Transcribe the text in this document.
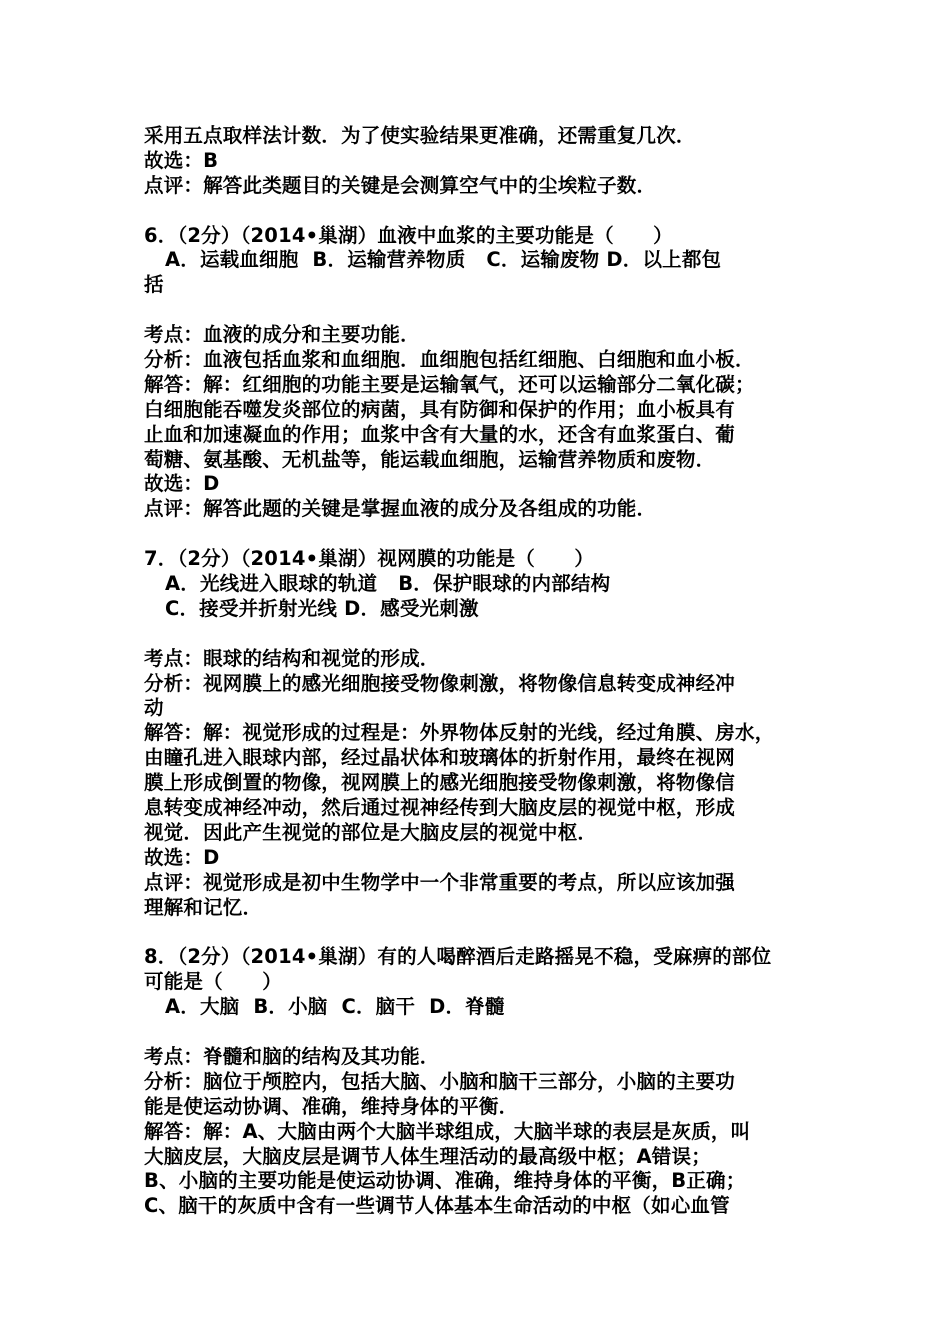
采用五点取样法计数．为了使实验结果更准确，还需重复几次．
故选：B
点评：解答此类题目的关键是会测算空气中的尘埃粒子数．
6．（2分）（2014•巢湖）血液中血浆的主要功能是（　　）
A．运载血细胞  B．运输营养物质   C．运输废物 D．以上都包
括
考点：血液的成分和主要功能．
分析：血液包括血浆和血细胞．血细胞包括红细胞、白细胞和血小板．
解答：解：红细胞的功能主要是运输氧气，还可以运输部分二氧化碳；
白细胞能吞噬发炎部位的病菌，具有防御和保护的作用；血小板具有
止血和加速凝血的作用；血浆中含有大量的水，还含有血浆蛋白、葡
萄糖、氨基酸、无机盐等，能运载血细胞，运输营养物质和废物．
故选：D
点评：解答此题的关键是掌握血液的成分及各组成的功能．
7．（2分）（2014•巢湖）视网膜的功能是（　　）
A．光线进入眼球的轨道   B．保护眼球的内部结构
C．接受并折射光线 D．感受光刺激
考点：眼球的结构和视觉的形成．
分析：视网膜上的感光细胞接受物像刺激，将物像信息转变成神经冲
动
解答：解：视觉形成的过程是：外界物体反射的光线，经过角膜、房水，
由瞳孔进入眼球内部，经过晶状体和玻璃体的折射作用，最终在视网
膜上形成倒置的物像，视网膜上的感光细胞接受物像刺激，将物像信
息转变成神经冲动，然后通过视神经传到大脑皮层的视觉中枢，形成
视觉．因此产生视觉的部位是大脑皮层的视觉中枢．
故选：D
点评：视觉形成是初中生物学中一个非常重要的考点，所以应该加强
理解和记忆．
8．（2分）（2014•巢湖）有的人喝醉酒后走路摇晃不稳，受麻痹的部位
可能是（　　）
A．大脑  B．小脑  C．脑干  D．脊髓
考点：脊髓和脑的结构及其功能．
分析：脑位于颅腔内，包括大脑、小脑和脑干三部分，小脑的主要功
能是使运动协调、准确，维持身体的平衡．
解答：解：A、大脑由两个大脑半球组成，大脑半球的表层是灰质，叫
大脑皮层，大脑皮层是调节人体生理活动的最高级中枢；A错误；
B、小脑的主要功能是使运动协调、准确，维持身体的平衡，B正确；
C、脑干的灰质中含有一些调节人体基本生命活动的中枢（如心血管
